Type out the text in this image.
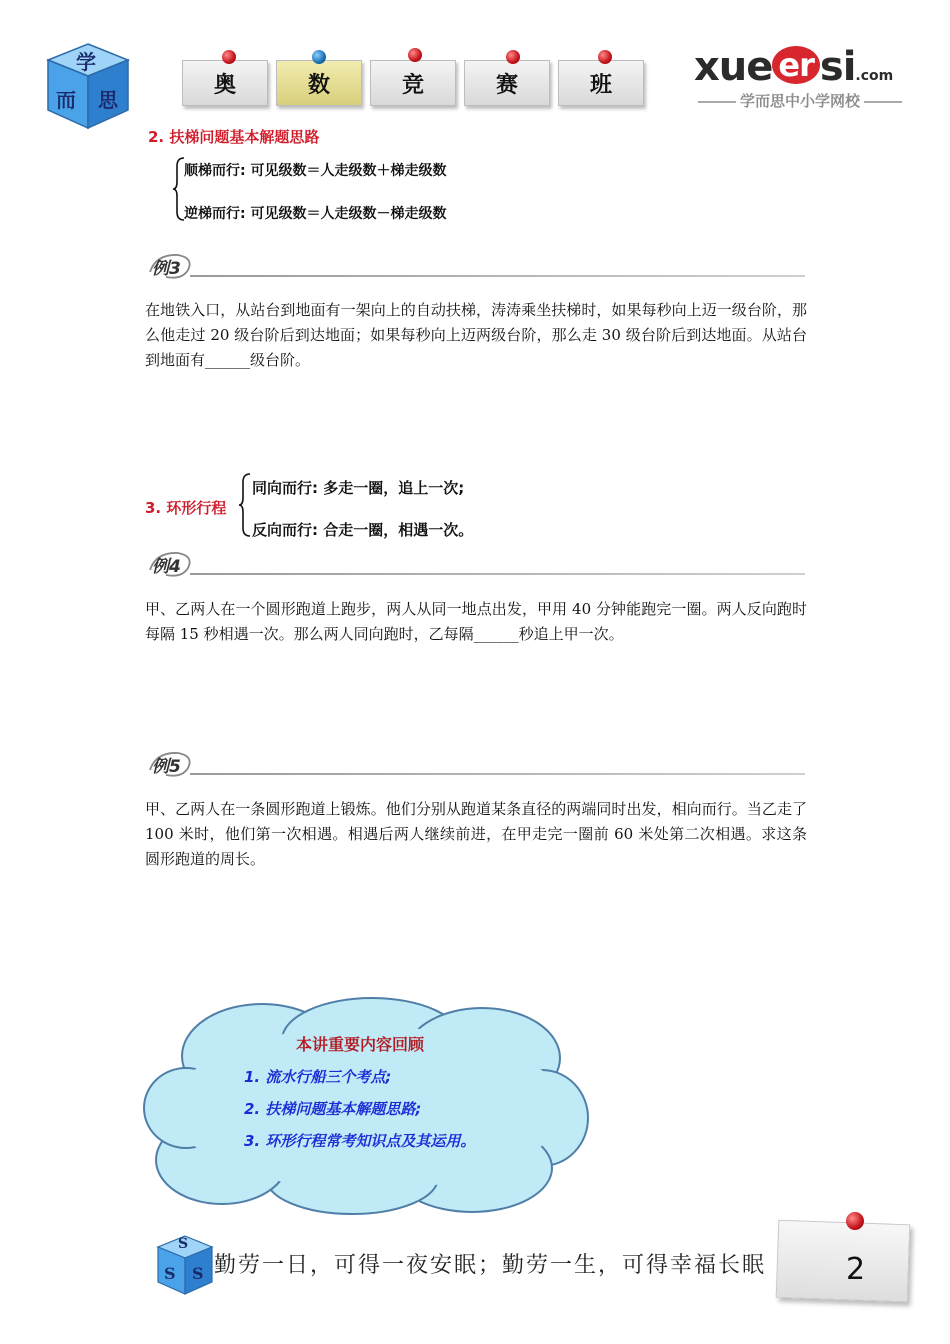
学
而 思
奥	数	竞	赛	班 xue er si.com
学而思中小学网校
2. 扶梯问题基本解题思路
顺梯而行: 可见级数＝人走级数＋梯走级数
逆梯而行: 可见级数＝人走级数－梯走级数
例3
在地铁入口，从站台到地面有一架向上的自动扶梯，涛涛乘坐扶梯时，如果每秒向上迈一级台阶，那么他走过 20 级台阶后到达地面；如果每秒向上迈两级台阶，那么走 30 级台阶后到达地面。从站台到地面有______级台阶。
3. 环形行程
同向而行: 多走一圈，追上一次;
反向而行: 合走一圈，相遇一次。
例4
甲、乙两人在一个圆形跑道上跑步，两人从同一地点出发，甲用 40 分钟能跑完一圈。两人反向跑时每隔 15 秒相遇一次。那么两人同向跑时，乙每隔______秒追上甲一次。
例5
甲、乙两人在一条圆形跑道上锻炼。他们分别从跑道某条直径的两端同时出发，相向而行。当乙走了 100 米时，他们第一次相遇。相遇后两人继续前进，在甲走完一圈前 60 米处第二次相遇。求这条圆形跑道的周长。
本讲重要内容回顾
1. 流水行船三个考点;
2. 扶梯问题基本解题思路;
3. 环形行程常考知识点及其运用。
S
S S 勤劳一日，可得一夜安眠；勤劳一生，可得幸福长眠	2
